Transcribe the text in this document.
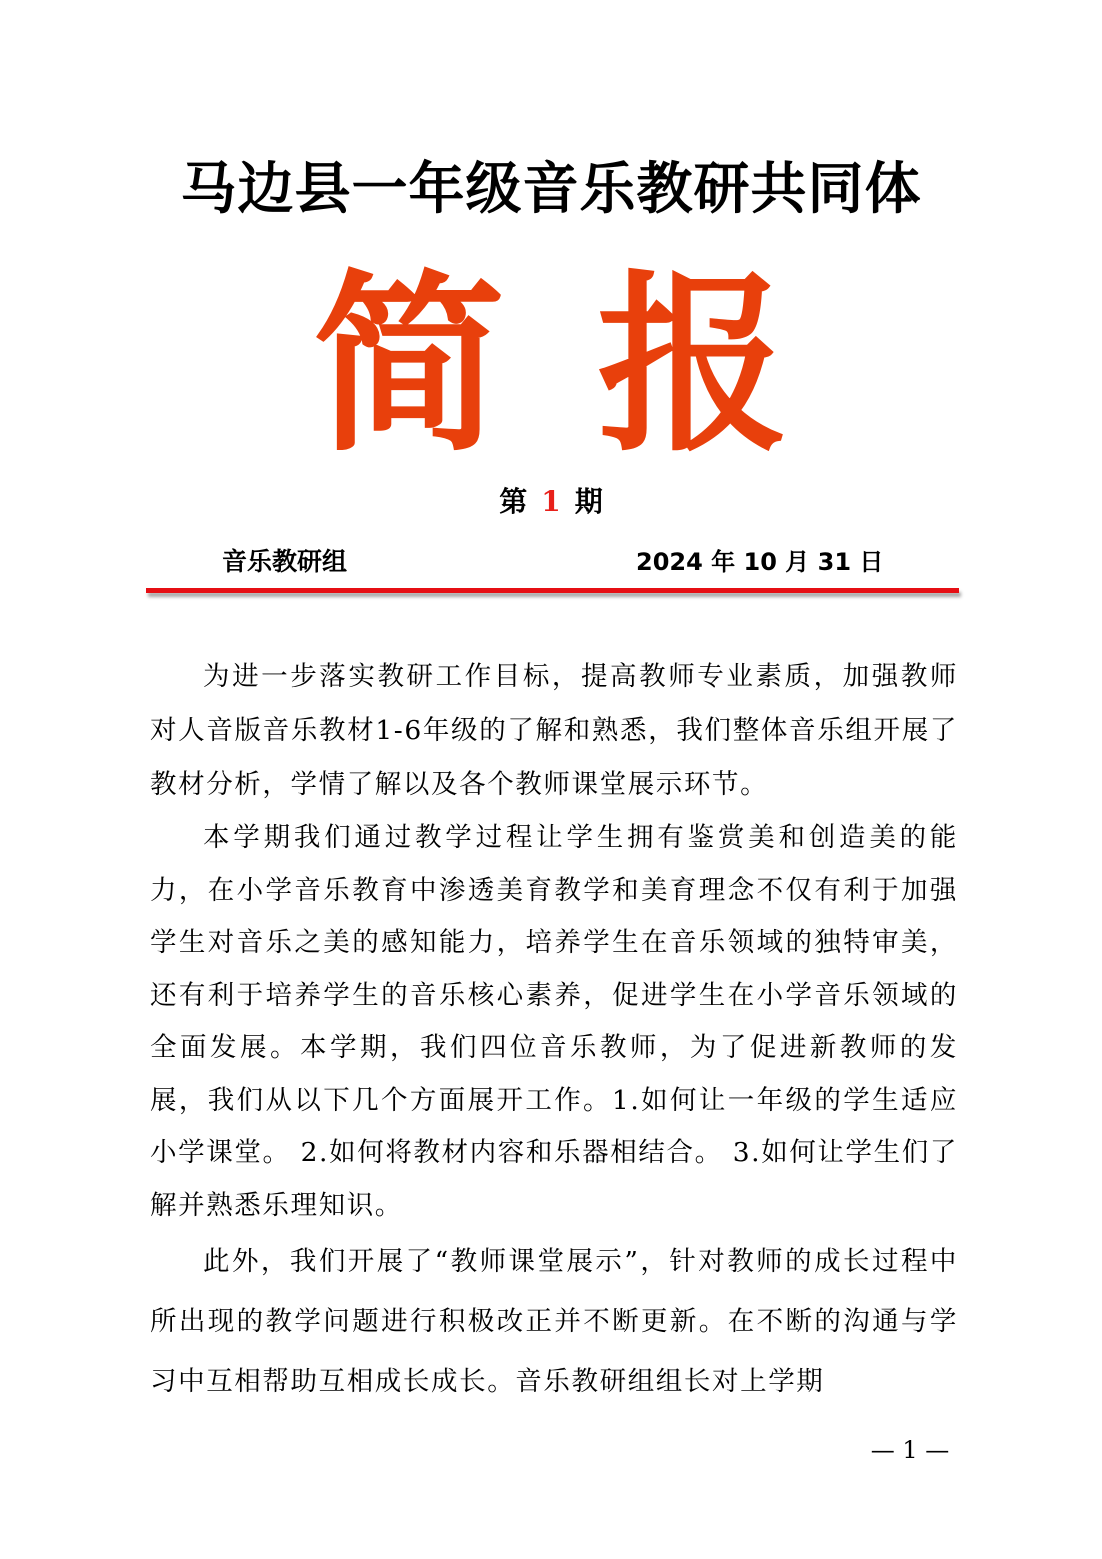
马边县一年级音乐教研共同体
简 报
第 1 期
音乐教研组	2024 年 10 月 31 日

为进一步落实教研工作目标，提高教师专业素质，加强教师对人音版音乐教材1-6年级的了解和熟悉，我们整体音乐组开展了教材分析，学情了解以及各个教师课堂展示环节。

本学期我们通过教学过程让学生拥有鉴赏美和创造美的能力，在小学音乐教育中渗透美育教学和美育理念不仅有利于加强学生对音乐之美的感知能力，培养学生在音乐领域的独特审美，还有利于培养学生的音乐核心素养，促进学生在小学音乐领域的全面发展。本学期，我们四位音乐教师，为了促进新教师的发展，我们从以下几个方面展开工作。1.如何让一年级的学生适应小学课堂。 2.如何将教材内容和乐器相结合。 3.如何让学生们了解并熟悉乐理知识。

此外，我们开展了“教师课堂展示”，针对教师的成长过程中所出现的教学问题进行积极改正并不断更新。在不断的沟通与学习中互相帮助互相成长成长。音乐教研组组长对上学期

— 1 —
